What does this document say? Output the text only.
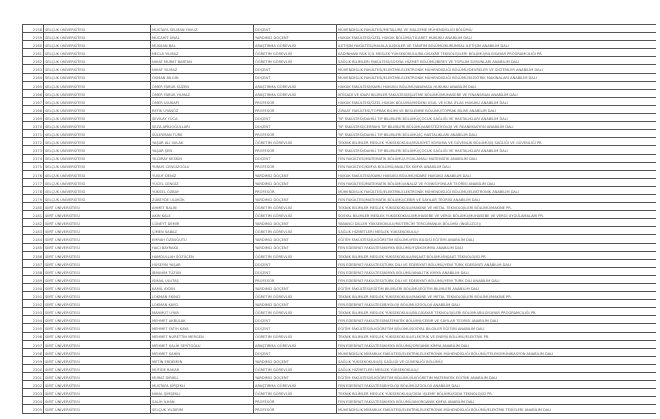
2158	SELÇUK ÜNİVERSİTESİ	MUSTAFA SELMAN YAVUZ	DOÇENT	MÜHENDİSLİK FAKÜLTESİ/METALURJİ VE MALZEME MÜHENDİSLİĞİ BÖLÜMÜ/
2159	SELÇUK ÜNİVERSİTESİ	MÜCAHİT ÜNAL	YARDIMCI DOÇENT	HUKUK FAKÜLTESİ/ÖZEL HUKUK BÖLÜMÜ/TİCARET HUKUKU ANABİLİM DALI
2160	SELÇUK ÜNİVERSİTESİ	MÜSSAN BAL	ARAŞTIRMA GÖREVLİSİ	İLETİŞİM FAKÜLTESİ/HALKLA İLİŞKİLER VE TANITIM BÖLÜMÜ/KURUMSAL İLETİŞİM ANABİLİM DALI
2161	SELÇUK ÜNİVERSİTESİ	NECLA YILMAZ	ÖĞRETİM GÖREVLİSİ	KADINHANI FAİK İÇİL MESLEK YÜKSEKOKULU/BİLGİSAYAR TEKNOLOJİLERİ BÖLÜMÜ/BİLGİSAYAR PROGRAMCILIĞI PR.
2162	SELÇUK ÜNİVERSİTESİ	NİHAT MURAT BARTAN	ÖĞRETİM GÖREVLİSİ	SAĞLIK BİLİMLERİ FAKÜLTESİ/SOSYAL HİZMET BÖLÜMÜ/BİREY VE TOPLUM SORUNLARI ANABİLİM DALI
2163	SELÇUK ÜNİVERSİTESİ	NİHAT YILMAZ	DOÇENT	MÜHENDİSLİK FAKÜLTESİ/ELEKTRİK-ELEKTRONİK MÜHENDİSLİĞİ BÖLÜMÜ/DEVRELER VE SİSTEMLER ANABİLİM DALI
2164	SELÇUK ÜNİVERSİTESİ	OSMAN BİLGİN	DOÇENT	MÜHENDİSLİK FAKÜLTESİ/ELEKTRİK-ELEKTRONİK MÜHENDİSLİĞİ BÖLÜMÜ/ELEKTRİK MAKİNALARI ANABİLİM DALI
2165	SELÇUK ÜNİVERSİTESİ	ÖMER FARUK SÜZEN	ARAŞTIRMA GÖREVLİSİ	HUKUK FAKÜLTESİ/KAMU HUKUKU BÖLÜMÜ/ANAYASA HUKUKU ANABİLİM DALI
2166	SELÇUK ÜNİVERSİTESİ	ÖMER FARUK YILMAZ	ARAŞTIRMA GÖREVLİSİ	İKTİSADİ VE İDARİ BİLİMLER FAKÜLTESİ/İŞLETME BÖLÜMÜ/MUHASEBE VE FİNANSMAN ANABİLİM DALI
2167	SELÇUK ÜNİVERSİTESİ	ÖMER ULUKAPI	PROFESÖR	HUKUK FAKÜLTESİ/ÖZEL HUKUK BÖLÜMÜ/MEDENİ USUL VE İCRA İFLAS HUKUKU ANABİLİM DALI
2168	SELÇUK ÜNİVERSİTESİ	REFİK UYANÖZ	PROFESÖR	ZİRAAT FAKÜLTESİ/TOPRAK BİLİMİ VE BESLENME BÖLÜMÜ/TOPRAK BİLİMİ ANABİLİM DALI
2169	SELÇUK ÜNİVERSİTESİ	SEVİLAY YÜCA	DOÇENT	TIP FAKÜLTESİ/DAHİLİ TIP BİLİMLERİ BÖLÜMÜ/ÇOCUK SAĞLIĞI VE HASTALIKLARI ANABİLİM DALI
2170	SELÇUK ÜNİVERSİTESİ	SEZA APİLİOĞULLARI	DOÇENT	TIP FAKÜLTESİ/CERRAHİ TIP BİLİMLERİ BÖLÜMÜ/ANESTEZİYOLOJİ VE REANİMASYON ANABİLİM DALI
2171	SELÇUK ÜNİVERSİTESİ	SÜLEYMAN TÜRK	PROFESÖR	TIP FAKÜLTESİ/DAHİLİ TIP BİLİMLERİ BÖLÜMÜ/İÇ HASTALIKLARI ANABİLİM DALI
2172	SELÇUK ÜNİVERSİTESİ	YAŞAR ALİ SULAK	ÖĞRETİM GÖREVLİSİ	TEKNİK BİLİMLER MESLEK YÜKSEKOKULU/MÜLKİYET KORUMA VE GÜVENLİK BÖLÜMÜ/İŞ SAĞLIĞI VE GÜVENLİĞİ PR.
2173	SELÇUK ÜNİVERSİTESİ	YAŞAR ŞEN	PROFESÖR	TIP FAKÜLTESİ/DAHİLİ TIP BİLİMLERİ BÖLÜMÜ/ÇOCUK SAĞLIĞI VE HASTALIKLARI ANABİLİM DALI
2174	SELÇUK ÜNİVERSİTESİ	YILDIRAY KESKİN	DOÇENT	FEN FAKÜLTESİ/MATEMATİK BÖLÜMÜ/UYGULAMALI MATEMATİK ANABİLİM DALI
2175	SELÇUK ÜNİVERSİTESİ	YUNUS CENGİZOĞLU	PROFESÖR	FEN FAKÜLTESİ/KİMYA BÖLÜMÜ/ANALİTİK KİMYA ANABİLİM DALI
2176	SELÇUK ÜNİVERSİTESİ	YUSUF DENİZ	YARDIMCI DOÇENT	HUKUK FAKÜLTESİ/KAMU HUKUKU BÖLÜMÜ/İDARE HUKUKU ANABİLİM DALI
2177	SELÇUK ÜNİVERSİTESİ	YÜCEL CENGİZ	YARDIMCI DOÇENT	FEN FAKÜLTESİ/MATEMATİK BÖLÜMÜ/ANALİZ VE FONKSİYONLAR TEORİSİ ANABİLİM DALI
2178	SELÇUK ÜNİVERSİTESİ	YÜKSEL ÖZBAY	PROFESÖR	MÜHENDİSLİK FAKÜLTESİ/ELEKTRİK-ELEKTRONİK MÜHENDİSLİĞİ BÖLÜMÜ/ELEKTRONİK ANABİLİM DALI
2179	SELÇUK ÜNİVERSİTESİ	ZÜBEYDE ULUKÖK	YARDIMCI DOÇENT	FEN FAKÜLTESİ/MATEMATİK BÖLÜMÜ/CEBİR VE SAYILAR TEORİSİ ANABİLİM DALI
2180	SİİRT ÜNİVERSİTESİ	AHMET BALIN	ÖĞRETİM GÖREVLİSİ	TEKNİK BİLİMLER MESLEK YÜKSEKOKULU/MAKİNE VE METAL TEKNOLOJİLERİ BÖLÜMÜ/MAKİNE PR.
2181	SİİRT ÜNİVERSİTESİ	AKIN KALE	ÖĞRETİM GÖREVLİSİ	SOSYAL BİLİMLER MESLEK YÜKSEKOKULU/MUHASEBE VE VERGİ BÖLÜMÜ/MUHASEBE VE VERGİ UYGULAMALARI PR.
2182	SİİRT ÜNİVERSİTESİ	CÜNEYT DEMİR	YARDIMCI DOÇENT	YABANCI DİLLER YÜKSEKOKULU/MÜTERCİM TERCÜMANLIK BÖLÜMÜ (İNGİLİZCE)/
2183	SİİRT ÜNİVERSİTESİ	ÇİMEN SABAZ	ÖĞRETİM GÖREVLİSİ	SAĞLIK HİZMETLERİ MESLEK YÜKSEKOKULU//
2184	SİİRT ÜNİVERSİTESİ	EMRAH ÖZBUĞUTU	YARDIMCI DOÇENT	EĞİTİM FAKÜLTESİ/İLKÖĞRETİM BÖLÜMÜ/FEN BİLGİSİ EĞİTİMİ ANABİLİM DALI
2185	SİİRT ÜNİVERSİTESİ	HACI BAYRAKA	YARDIMCI DOÇENT	FEN EDEBİYAT FAKÜLTESİ/KİMYA BÖLÜMÜ/FİZİKOKİMYA ANABİLİM DALI
2186	SİİRT ÜNİVERSİTESİ	HAMDULLAH SÖZÜÇEN	ÖĞRETİM GÖREVLİSİ	TEKNİK BİLİMLER MESLEK YÜKSEKOKULU/İNŞAAT BÖLÜMÜ/İNŞAAT TEKNOLOJİSİ PR.
2187	SİİRT ÜNİVERSİTESİ	HÜSEYİN YAŞAR	DOÇENT	FEN EDEBİYAT FAKÜLTESİ/TÜRK DİLİ VE EDEBİYATI BÖLÜMÜ/YENİ TÜRK EDEBİYATI ANABİLİM DALI
2188	SİİRT ÜNİVERSİTESİ	İBRAHİM TÜZÜN	DOÇENT	FEN EDEBİYAT FAKÜLTESİ/KİMYA BÖLÜMÜ/ANALİTİK KİMYA ANABİLİM DALI
2189	SİİRT ÜNİVERSİTESİ	İSMAİL ULUTAŞ	PROFESÖR	FEN EDEBİYAT FAKÜLTESİ/TÜRK DİLİ VE EDEBİYATI BÖLÜMÜ/YENİ TÜRK DİLİ ANABİLİM DALI
2190	SİİRT ÜNİVERSİTESİ	KAMİL AYDIN	YARDIMCI DOÇENT	EĞİTİM FAKÜLTESİ/EĞİTİM BİLİMLERİ BÖLÜMÜ/EĞİTİM BİLİMLERİ ANABİLİM DALI
2191	SİİRT ÜNİVERSİTESİ	LOKMAN EKİNCİ	ÖĞRETİM GÖREVLİSİ	TEKNİK BİLİMLER MESLEK YÜKSEKOKULU/MAKİNE VE METAL TEKNOLOJİLERİ BÖLÜMÜ/MAKİNE PR.
2192	SİİRT ÜNİVERSİTESİ	LOKMAN KAYCI	YARDIMCI DOÇENT	FEN EDEBİYAT FAKÜLTESİ/BİYOLOJİ BÖLÜMÜ/ZOOLOJİ ANABİLİM DALI
2193	SİİRT ÜNİVERSİTESİ	MAHMUT UYAR	ÖĞRETİM GÖREVLİSİ	TEKNİK BİLİMLER MESLEK YÜKSEKOKULU/BİLGİSAYAR TEKNOLOJİLERİ BÖLÜMÜ/BİLGİSAYAR PROGRAMCILIĞI PR.
2194	SİİRT ÜNİVERSİTESİ	MEHMET AKBULAK	DOÇENT	FEN EDEBİYAT FAKÜLTESİ/MATEMATİK BÖLÜMÜ/CEBİR VE SAYILAR TEORİSİ ANABİLİM DALI
2195	SİİRT ÜNİVERSİTESİ	MEHMET FATİH KAYA	DOÇENT	EĞİTİM FAKÜLTESİ/İLKÖĞRETİM BÖLÜMÜ/SOSYAL BİLGİLER EĞİTİMİ ANABİLİM DALI
2196	SİİRT ÜNİVERSİTESİ	MEHMET NURETTİN MERGEN	ÖĞRETİM GÖREVLİSİ	TEKNİK BİLİMLER MESLEK YÜKSEKOKULU/ELEKTRİK VE ENERJİ BÖLÜMÜ/ELEKTRİK PR.
2197	SİİRT ÜNİVERSİTESİ	MEHMET SALİH SEYİTOĞLU	ARAŞTIRMA GÖREVLİSİ	FEN EDEBİYAT FAKÜLTESİ/KİMYA BÖLÜMÜ/ORGANİK KİMYA ANABİLİM DALI
2198	SİİRT ÜNİVERSİTESİ	MEHMET ŞAHİN	DOÇENT	MÜHENDİSLİK MİMARLIK FAKÜLTESİ/ELEKTRİK-ELEKTRONİK MÜHENDİSLİĞİ BÖLÜMÜ/TELEKOMÜNİKASYON ANABİLİM DALI
2199	SİİRT ÜNİVERSİTESİ	METİN ERDEMEN	YARDIMCI DOÇENT	SAĞLIK YÜKSEKOKULU/İŞ SAĞLIĞI VE GÜVENLİĞİ BÖLÜMÜ/
2200	SİİRT ÜNİVERSİTESİ	MÜFİDE BAKAR	ÖĞRETİM GÖREVLİSİ	SAĞLIK HİZMETLERİ MESLEK YÜKSEKOKULU//
2201	SİİRT ÜNİVERSİTESİ	MURAT DİRİKLİ	YARDIMCI DOÇENT	EĞİTİM FAKÜLTESİ/İLKÖĞRETİM BÖLÜMÜ/İLKÖĞRETİM MATEMATİK EĞİTİMİ ANABİLİM DALI
2202	SİİRT ÜNİVERSİTESİ	MUSTAFA ŞİPŞEKLİ	ARAŞTIRMA GÖREVLİSİ	FEN EDEBİYAT FAKÜLTESİ/BİYOLOJİ BÖLÜMÜ/ZOOLOJİ ANABİLİM DALI
2203	SİİRT ÜNİVERSİTESİ	NİHAL ŞİMŞEKLİ	ÖĞRETİM GÖREVLİSİ	TEKNİK BİLİMLER MESLEK YÜKSEKOKULU/GIDA İŞLEME BÖLÜMÜ/GIDA TEKNOLOJİSİ PR.
2204	SİİRT ÜNİVERSİTESİ	SALİH İLHAN	PROFESÖR	FEN EDEBİYAT FAKÜLTESİ/KİMYA BÖLÜMÜ/ANORGANİK KİMYA ANABİLİM DALI
2205	SİİRT ÜNİVERSİTESİ	SELÇUK YILDIRIM	PROFESÖR	MÜHENDİSLİK MİMARLIK FAKÜLTESİ/ELEKTRİK-ELEKTRONİK MÜHENDİSLİĞİ BÖLÜMÜ/ELEKTRİK TESİSLERİ ANABİLİM DALI
